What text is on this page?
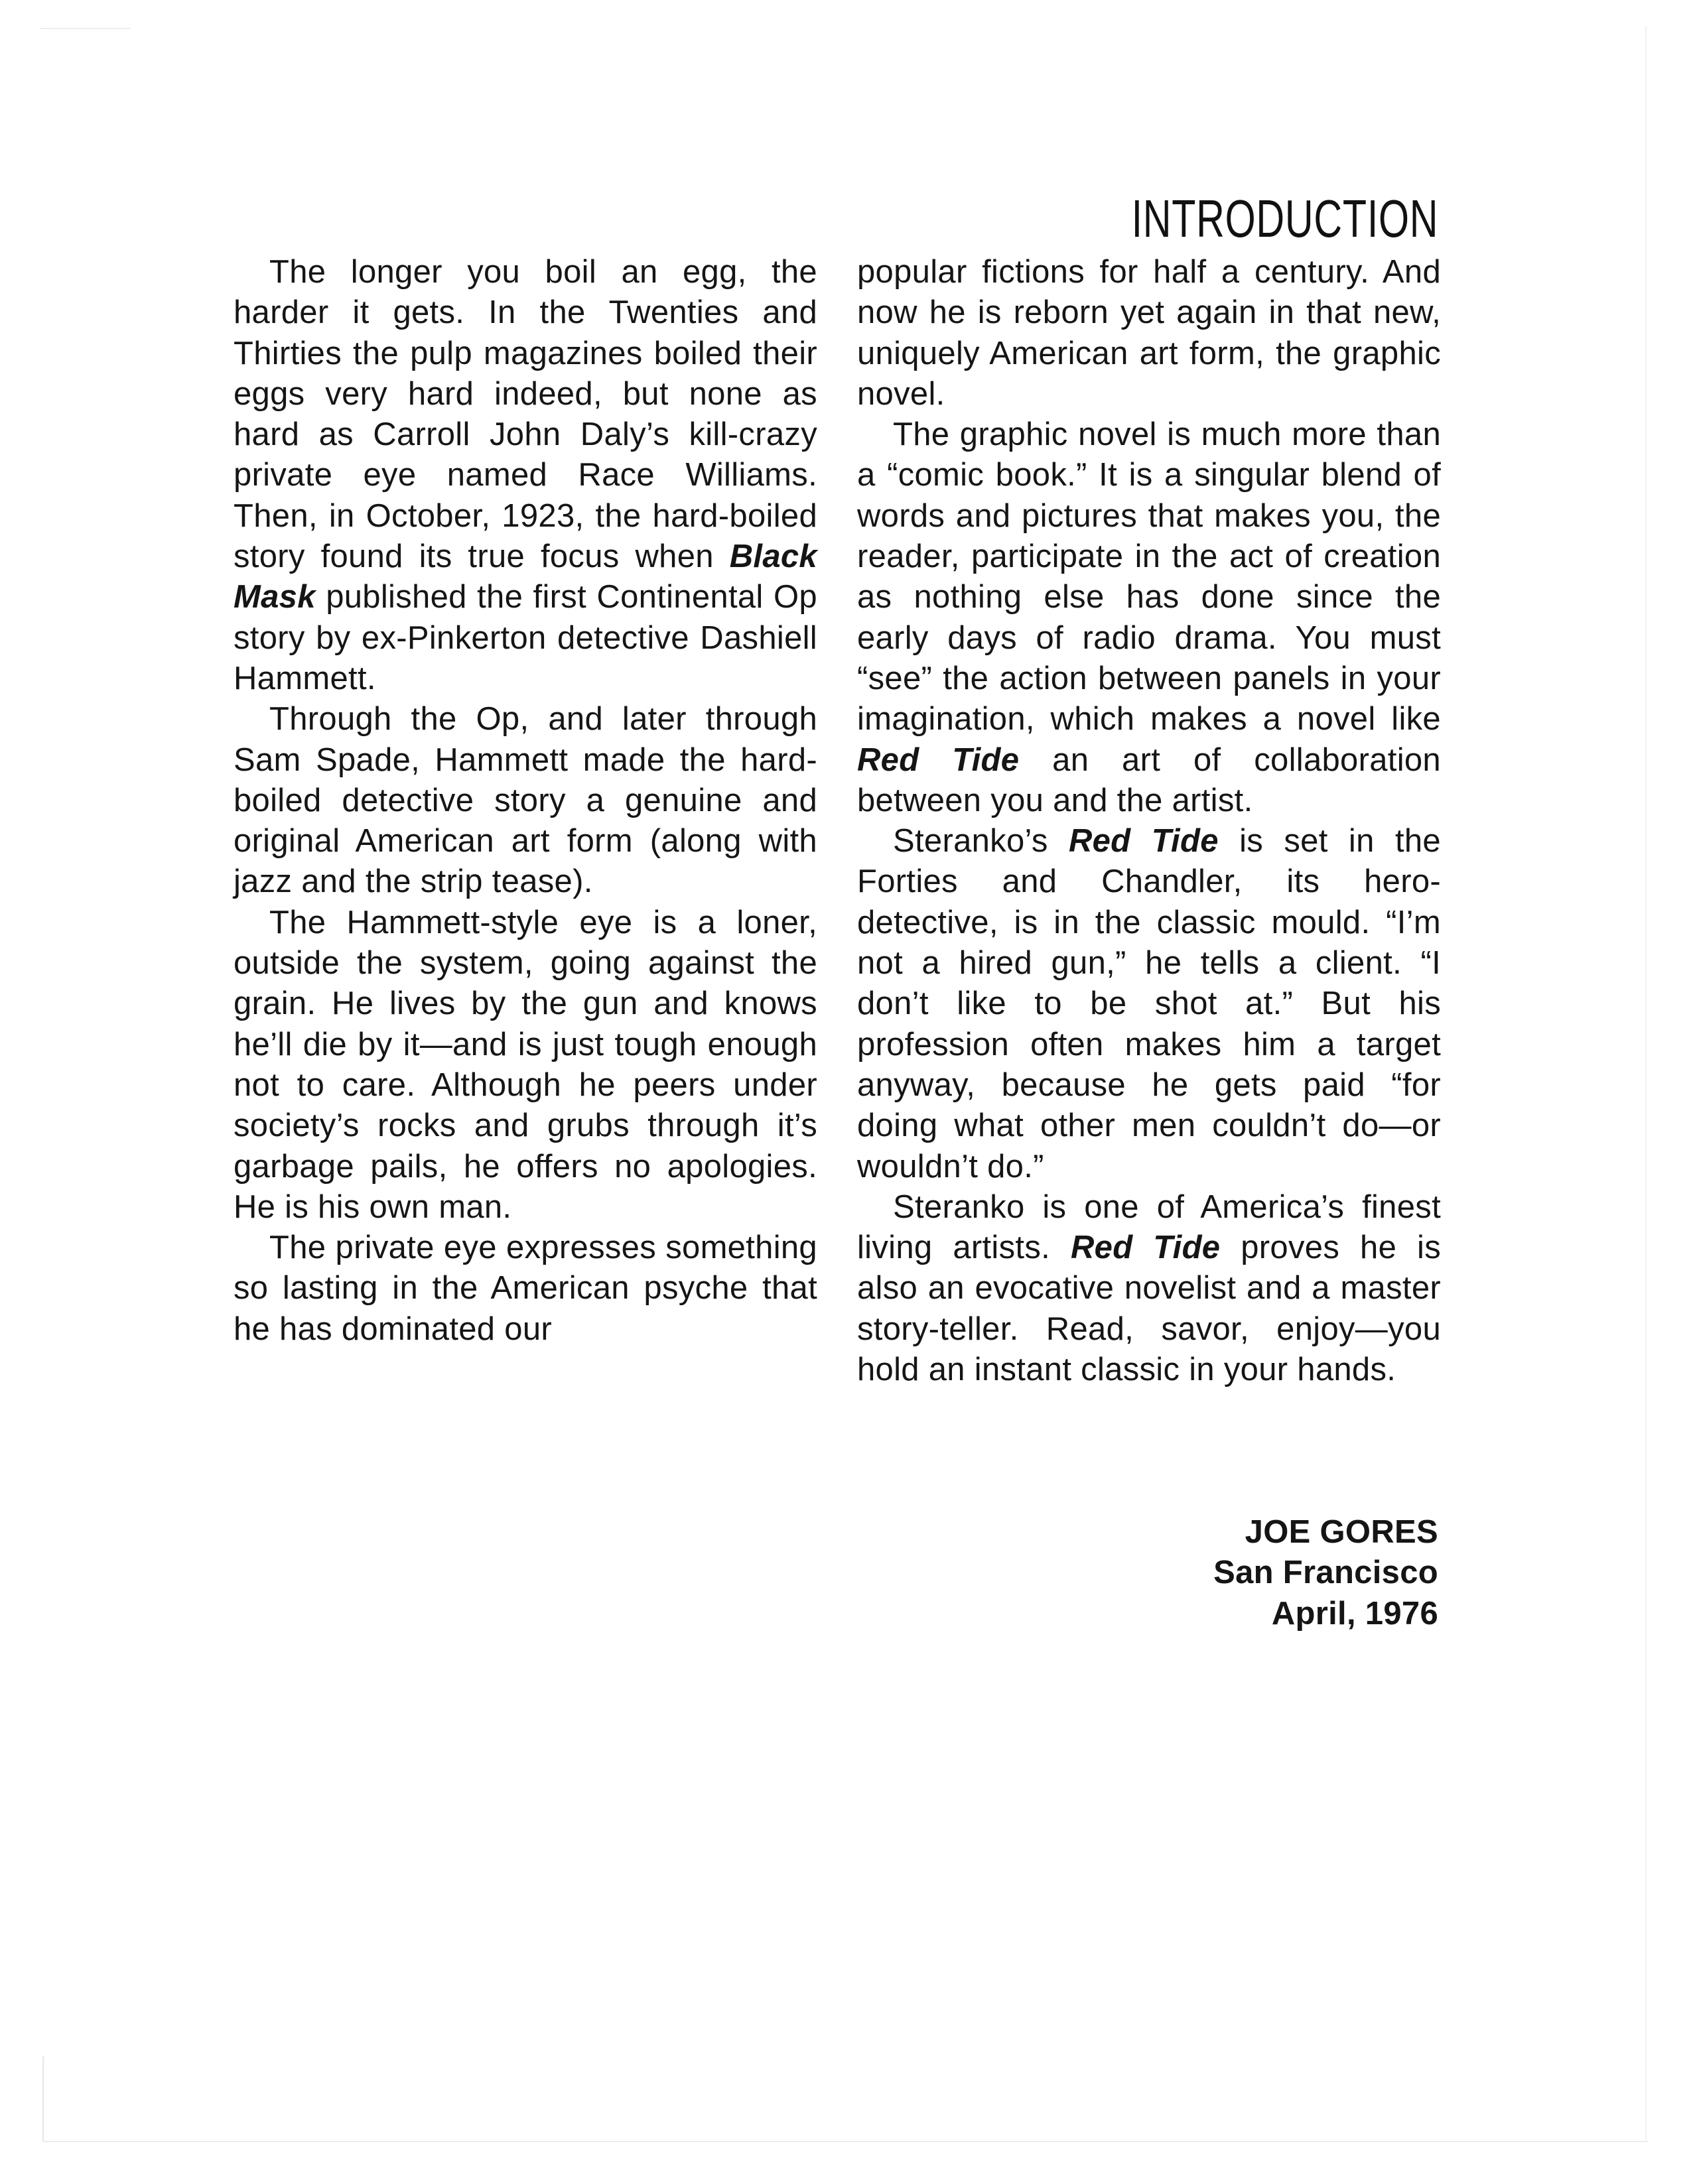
INTRODUCTION

The longer you boil an egg, the harder it gets. In the Twenties and Thirties the pulp magazines boiled their eggs very hard indeed, but none as hard as Carroll John Daly’s kill-crazy private eye named Race Williams. Then, in October, 1923, the hard-boiled story found its true focus when Black Mask published the first Continental Op story by ex-Pinkerton detective Dashiell Hammett.

Through the Op, and later through Sam Spade, Hammett made the hard-boiled detective story a genuine and original American art form (along with jazz and the strip tease).

The Hammett-style eye is a loner, outside the system, going against the grain. He lives by the gun and knows he’ll die by it—and is just tough enough not to care. Although he peers under society’s rocks and grubs through it’s garbage pails, he offers no apologies. He is his own man.

The private eye expresses something so lasting in the American psyche that he has dominated our

popular fictions for half a century. And now he is reborn yet again in that new, uniquely American art form, the graphic novel.

The graphic novel is much more than a “comic book.” It is a singular blend of words and pictures that makes you, the reader, participate in the act of creation as nothing else has done since the early days of radio drama. You must “see” the action between panels in your imagination, which makes a novel like Red Tide an art of collaboration between you and the artist.

Steranko’s Red Tide is set in the Forties and Chandler, its hero-detective, is in the classic mould. “I’m not a hired gun,” he tells a client. “I don’t like to be shot at.” But his profession often makes him a target anyway, because he gets paid “for doing what other men couldn’t do—or wouldn’t do.”

Steranko is one of America’s finest living artists. Red Tide proves he is also an evocative novelist and a master story-teller. Read, savor, enjoy—you hold an instant classic in your hands.

JOE GORES
San Francisco
April, 1976
